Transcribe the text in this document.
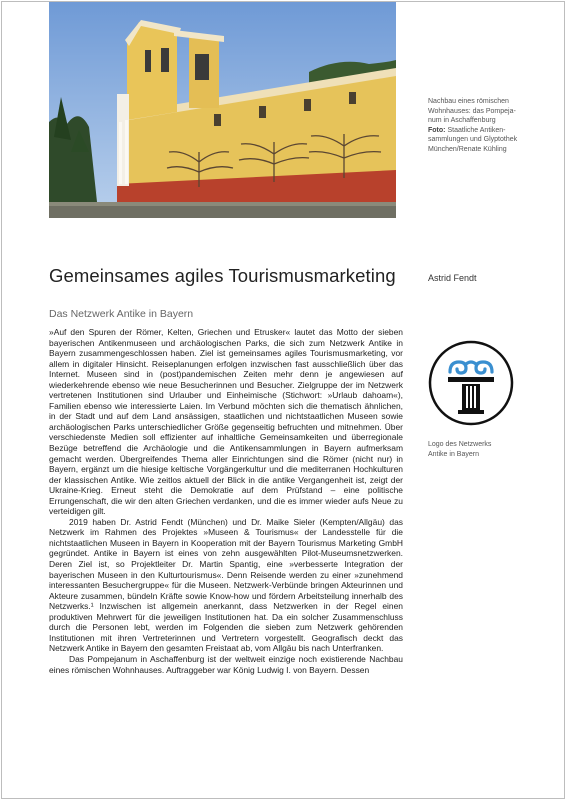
Nachbau eines römischen
Wohnhauses: das Pompeja-
num in Aschaffenburg
Foto: Staatliche Antiken-
sammlungen und Glyptothek
München/Renate Kühling
Gemeinsames agiles Tourismusmarketing	Astrid Fendt
Das Netzwerk Antike in Bayern

»Auf den Spuren der Römer, Kelten, Griechen und Etrusker« lautet das Motto der sieben bayerischen Antikenmuseen und archäologischen Parks, die sich zum Netzwerk Antike in Bayern zusammengeschlossen haben. Ziel ist gemeinsames agiles Tourismusmarketing, vor allem in digitaler Hinsicht. Reiseplanungen erfolgen inzwischen fast ausschließlich über das Internet. Museen sind in (post)pandemischen Zeiten mehr denn je angewiesen auf wiederkehrende ebenso wie neue Besucherinnen und Besucher. Zielgruppe der im Netzwerk vertretenen Institutionen sind Urlauber und Einheimische (Stichwort: »Urlaub dahoam«), Familien ebenso wie interessierte Laien. Im Verbund möchten sich die thematisch ähnlichen, in der Stadt und auf dem Land ansässigen, staatlichen und nichtstaatlichen Museen sowie archäologischen Parks unterschiedlicher Größe gegenseitig befruchten und mitnehmen. Über verschiedenste Medien soll effizienter auf inhaltliche Gemeinsamkeiten und überregionale Bezüge betreffend die Archäologie und die Antikensammlungen in Bayern aufmerksam gemacht werden. Übergreifendes Thema aller Einrichtungen sind die Römer (nicht nur) in Bayern, ergänzt um die hiesige keltische Vorgängerkultur und die mediterranen Hochkulturen der klassischen Antike. Wie zeitlos aktuell der Blick in die antike Vergangenheit ist, zeigt der Ukraine-Krieg. Erneut steht die Demokratie auf dem Prüfstand – eine politische Errungenschaft, die wir den alten Griechen verdanken, und die es immer wieder aufs Neue zu verteidigen gilt.

2019 haben Dr. Astrid Fendt (München) und Dr. Maike Sieler (Kempten/Allgäu) das Netzwerk im Rahmen des Projektes »Museen & Tourismus« der Landesstelle für die nichtstaatlichen Museen in Bayern in Kooperation mit der Bayern Tourismus Marketing GmbH gegründet. Antike in Bayern ist eines von zehn ausgewählten Pilot-Museumsnetzwerken. Deren Ziel ist, so Projektleiter Dr. Martin Spantig, eine »verbesserte Integration der bayerischen Museen in den Kulturtourismus«. Denn Reisende werden zu einer »zunehmend interessanten Besuchergruppe« für die Museen. Netzwerk-Verbünde bringen Akteurinnen und Akteure zusammen, bündeln Kräfte sowie Know-how und fördern Arbeitsteilung innerhalb des Netzwerks.¹ Inzwischen ist allgemein anerkannt, dass Netzwerken in der Regel einen produktiven Mehrwert für die jeweiligen Institutionen hat. Da ein solcher Zusammenschluss durch die Personen lebt, werden im Folgenden die sieben zum Netzwerk gehörenden Institutionen mit ihren Vertreterinnen und Vertretern vorgestellt. Geografisch deckt das Netzwerk Antike in Bayern den gesamten Freistaat ab, vom Allgäu bis nach Unterfranken.

Das Pompejanum in Aschaffenburg ist der weltweit einzige noch existierende Nachbau eines römischen Wohnhauses. Auftraggeber war König Ludwig I. von Bayern. Dessen

Logo des Netzwerks
Antike in Bayern
